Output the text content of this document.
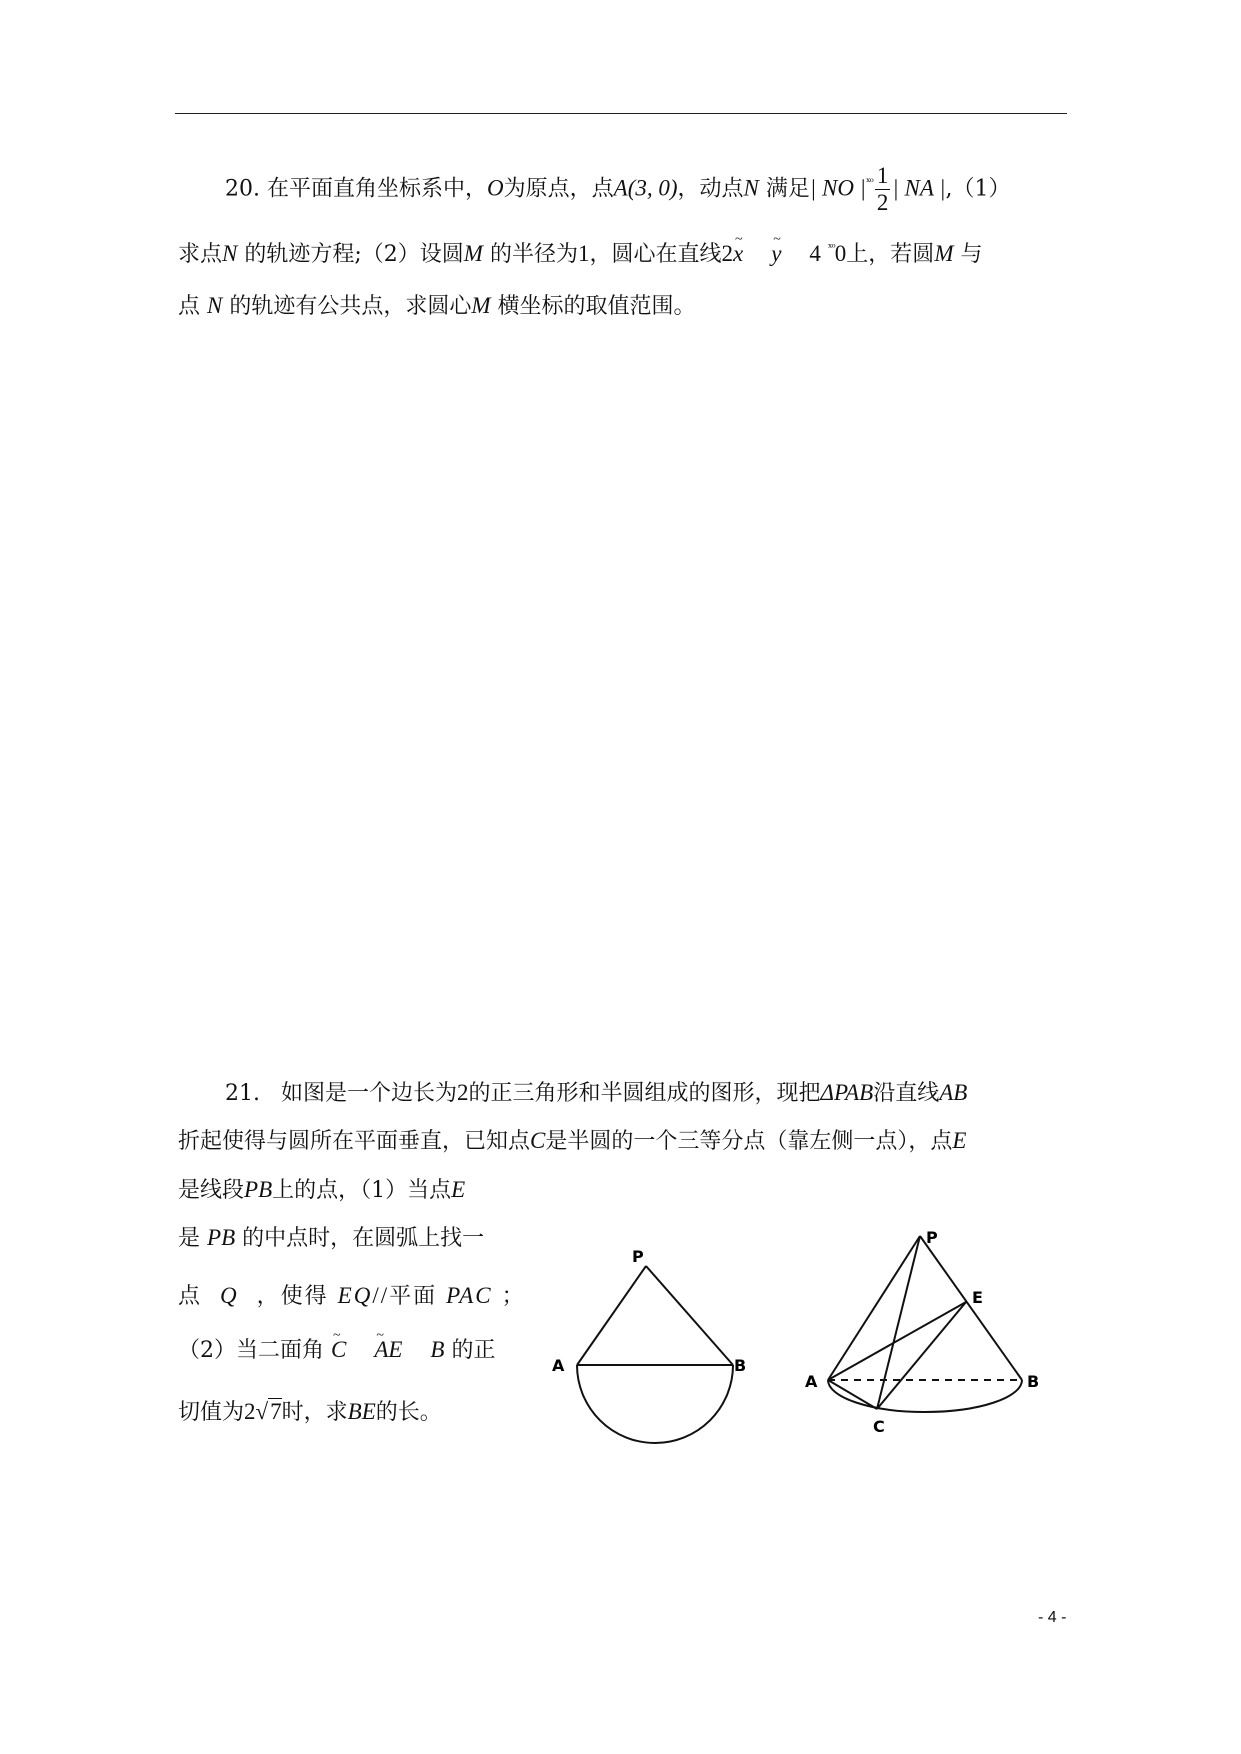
20. 在平面直角坐标系中，O为原点，点A(3, 0)，动点N 满足| NO $|^{ˣᵒ} \frac{1}{2}$ | NA |,（1）
求点N 的轨迹方程;（2）设圆M 的半径为1，圆心在直线2~ x ~ y 4 $^{ˣᵒ}$0上，若圆M 与
点 N 的轨迹有公共点，求圆心M 横坐标的取值范围。
21. 如图是一个边长为2的正三角形和半圆组成的图形，现把ΔPAB沿直线AB
折起使得与圆所在平面垂直，已知点C是半圆的一个三等分点（靠左侧一点），点E
是线段PB上的点，（1）当点E
是 PB 的中点时，在圆弧上找一
点 Q ，使得 EQ//平面 PAC ；
（2）当二面角 ~ C ~ AE B 的正
切值为2√7时，求BE的长。
P
A	B
P
E
A	B
C
- 4 -
